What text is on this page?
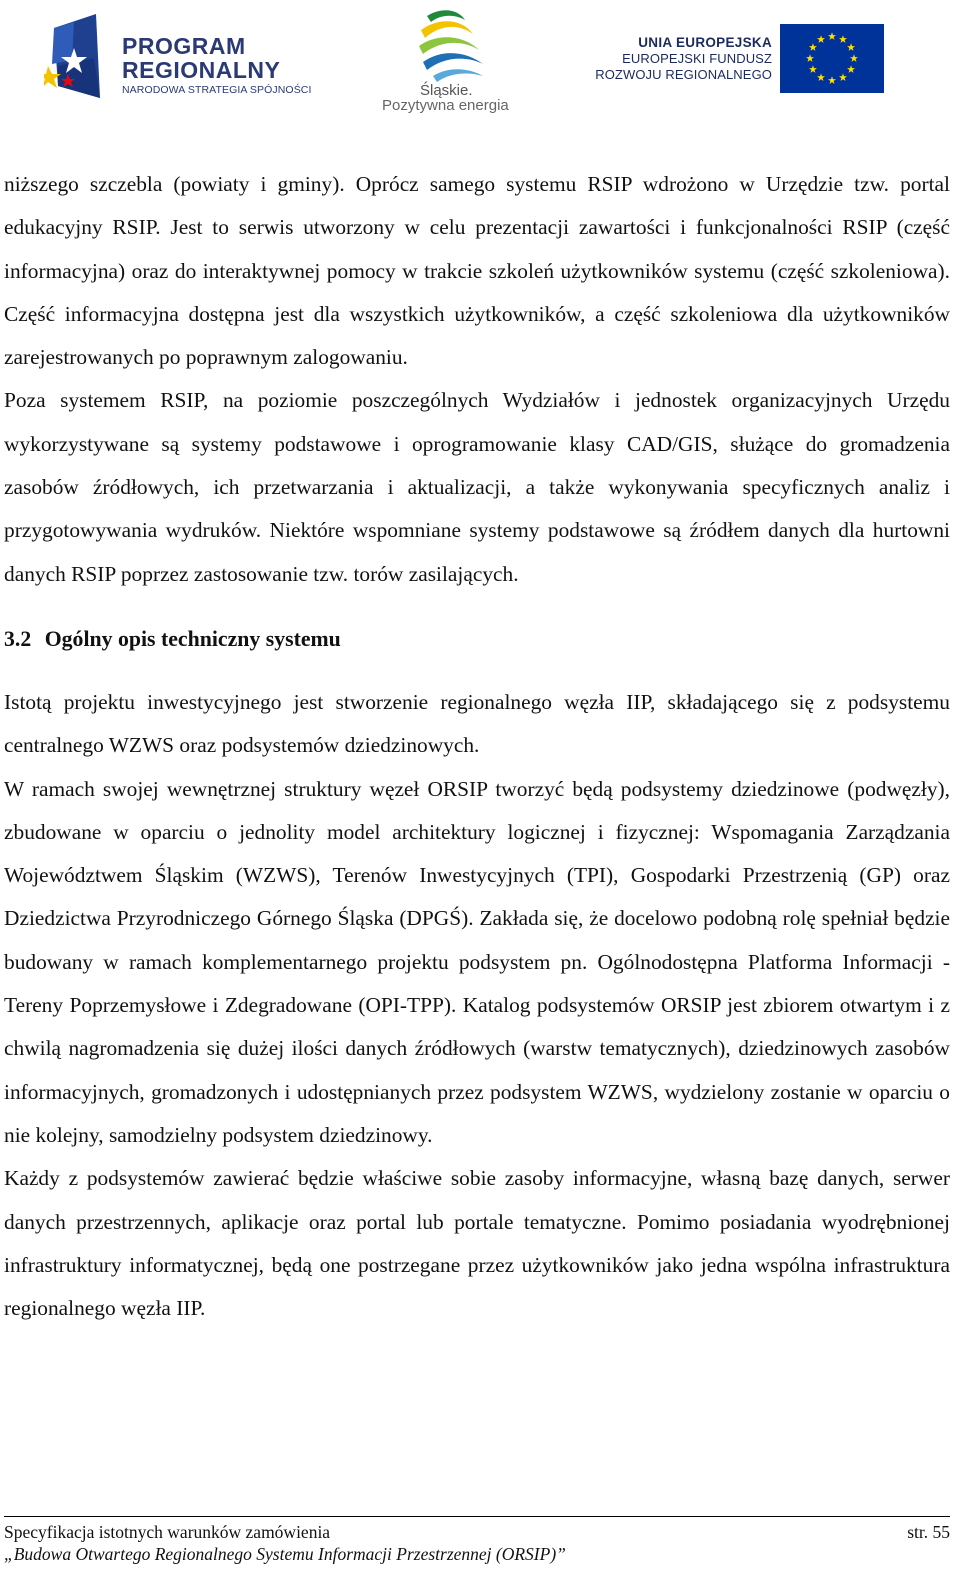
PROGRAM
REGIONALNY
NARODOWA STRATEGIA SPÓJNOŚCI	Śląskie.
Pozytywna energia
UNIA EUROPEJSKA
EUROPEJSKI FUNDUSZ
ROZWOJU REGIONALNEGO

niższego szczebla (powiaty i gminy). Oprócz samego systemu RSIP wdrożono w Urzędzie tzw. portal edukacyjny RSIP. Jest to serwis utworzony w celu prezentacji zawartości i funkcjonalności RSIP (część informacyjna) oraz do interaktywnej pomocy w trakcie szkoleń użytkowników systemu (część szkoleniowa). Część informacyjna dostępna jest dla wszystkich użytkowników, a część szkoleniowa dla użytkowników zarejestrowanych po poprawnym zalogowaniu.

Poza systemem RSIP, na poziomie poszczególnych Wydziałów i jednostek organizacyjnych Urzędu wykorzystywane są systemy podstawowe i oprogramowanie klasy CAD/GIS, służące do gromadzenia zasobów źródłowych, ich przetwarzania i aktualizacji, a także wykonywania specyficznych analiz i przygotowywania wydruków. Niektóre wspomniane systemy podstawowe są źródłem danych dla hurtowni danych RSIP poprzez zastosowanie tzw. torów zasilających.

3.2 Ogólny opis techniczny systemu

Istotą projektu inwestycyjnego jest stworzenie regionalnego węzła IIP, składającego się z podsystemu centralnego WZWS oraz podsystemów dziedzinowych.

W ramach swojej wewnętrznej struktury węzeł ORSIP tworzyć będą podsystemy dziedzinowe (podwęzły), zbudowane w oparciu o jednolity model architektury logicznej i fizycznej: Wspomagania Zarządzania Województwem Śląskim (WZWS), Terenów Inwestycyjnych (TPI), Gospodarki Przestrzenią (GP) oraz Dziedzictwa Przyrodniczego Górnego Śląska (DPGŚ). Zakłada się, że docelowo podobną rolę spełniał będzie budowany w ramach komplementarnego projektu podsystem pn. Ogólnodostępna Platforma Informacji - Tereny Poprzemysłowe i Zdegradowane (OPI-TPP). Katalog podsystemów ORSIP jest zbiorem otwartym i z chwilą nagromadzenia się dużej ilości danych źródłowych (warstw tematycznych), dziedzinowych zasobów informacyjnych, gromadzonych i udostępnianych przez podsystem WZWS, wydzielony zostanie w oparciu o nie kolejny, samodzielny podsystem dziedzinowy.

Każdy z podsystemów zawierać będzie właściwe sobie zasoby informacyjne, własną bazę danych, serwer danych przestrzennych, aplikacje oraz portal lub portale tematyczne. Pomimo posiadania wyodrębnionej infrastruktury informatycznej, będą one postrzegane przez użytkowników jako jedna wspólna infrastruktura regionalnego węzła IIP.

Specyfikacja istotnych warunków zamówienia	str. 55
„Budowa Otwartego Regionalnego Systemu Informacji Przestrzennej (ORSIP)”
